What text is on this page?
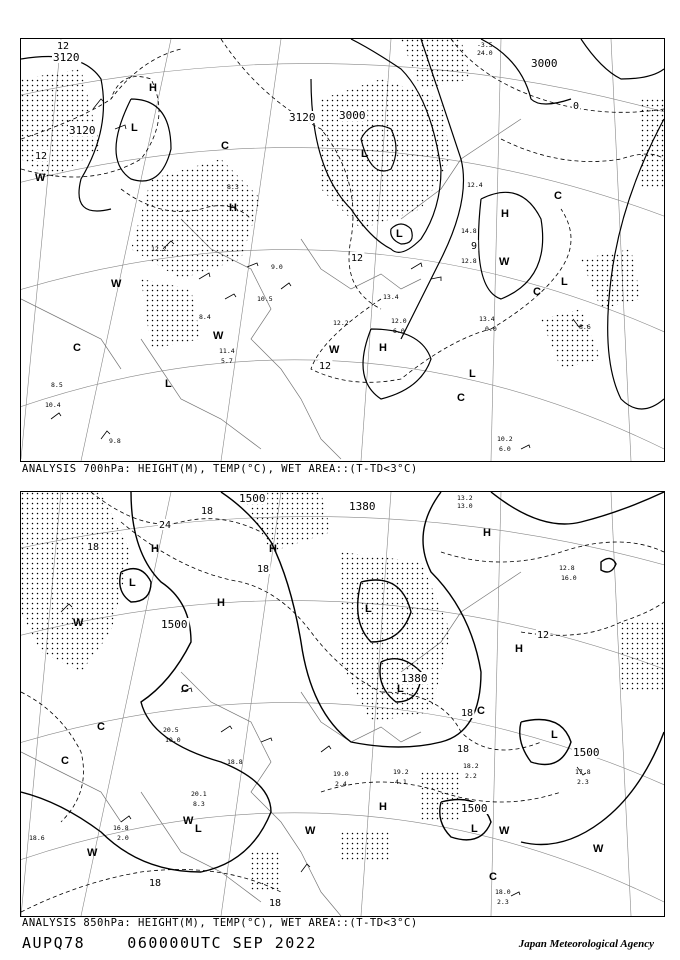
3120
3120
3120 3000
3000
12
12
12
12
0
9
13.4
0.0
10.2
6.0
8.6
14.8
12.8
12.4
12.0
6.0
13.4
12.2
8.3
9.0
10.5
11.4
5.7
8.4
10.4
8.5
9.8
-3.5
24.0
12.2
H
L
C
H
L
L
H
W
L
C
H
W
L
C
L
W
C
W
W
C
ANALYSIS 700hPa: HEIGHT(M), TEMP(°C), WET AREA::(T-TD<3°C)
1500
1380
1500
1380
1500
1500
24
18
18
18
18
18
12
18
18
17.8
2.3
18.0
2.3
18.2
2.2
19.0
2.4
19.2
4.1
16.8
2.0
18.6
12.8
16.0
13.2
13.0
20.1
8.3
18.8
20.5
10.0
H
L
H
H
H
L
L
H
C
L
L W
H
W
W
L
W
W
C
C
C
W
C
ANALYSIS 850hPa: HEIGHT(M), TEMP(°C), WET AREA::(T-TD<3°C)
AUPQ78    060000UTC SEP 2022	Japan Meteorological Agency
